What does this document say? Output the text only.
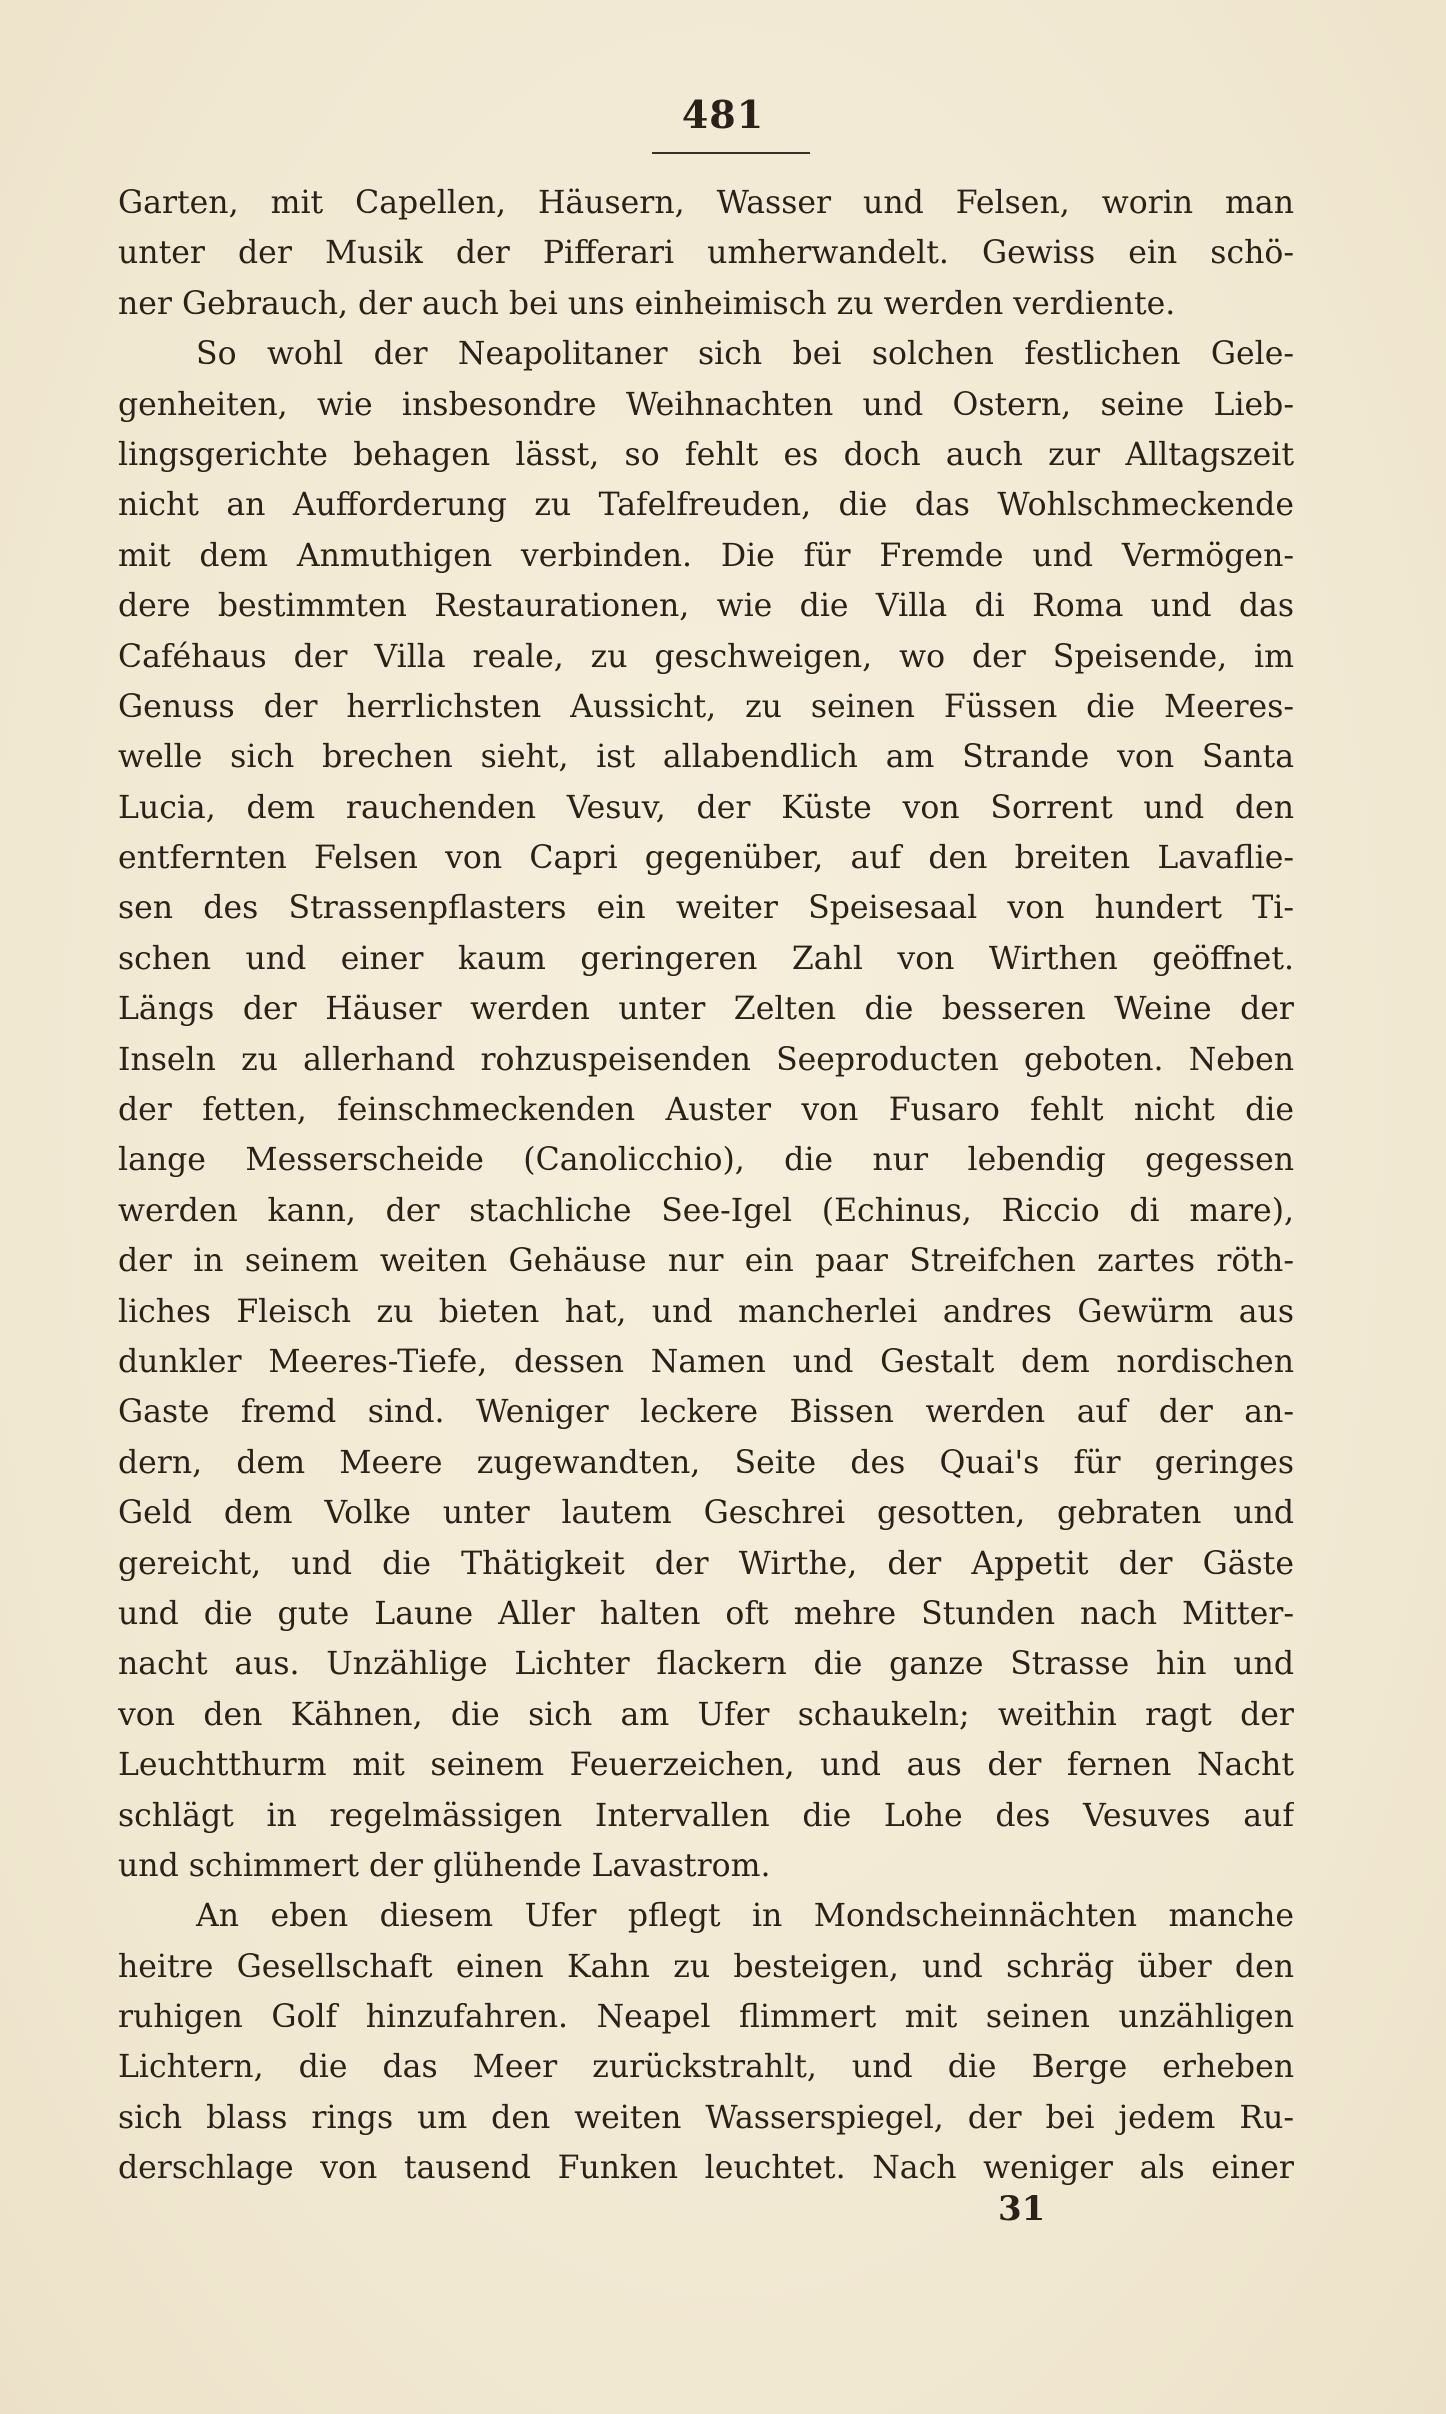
481
Garten, mit Capellen, Häusern, Wasser und Felsen, worin man
unter der Musik der Pifferari umherwandelt. Gewiss ein schö-
ner Gebrauch, der auch bei uns einheimisch zu werden verdiente.
So wohl der Neapolitaner sich bei solchen festlichen Gele-
genheiten, wie insbesondre Weihnachten und Ostern, seine Lieb-
lingsgerichte behagen lässt, so fehlt es doch auch zur Alltagszeit
nicht an Aufforderung zu Tafelfreuden, die das Wohlschmeckende
mit dem Anmuthigen verbinden. Die für Fremde und Vermögen-
dere bestimmten Restaurationen, wie die Villa di Roma und das
Caféhaus der Villa reale, zu geschweigen, wo der Speisende, im
Genuss der herrlichsten Aussicht, zu seinen Füssen die Meeres-
welle sich brechen sieht, ist allabendlich am Strande von Santa
Lucia, dem rauchenden Vesuv, der Küste von Sorrent und den
entfernten Felsen von Capri gegenüber, auf den breiten Lavaflie-
sen des Strassenpflasters ein weiter Speisesaal von hundert Ti-
schen und einer kaum geringeren Zahl von Wirthen geöffnet.
Längs der Häuser werden unter Zelten die besseren Weine der
Inseln zu allerhand rohzuspeisenden Seeproducten geboten. Neben
der fetten, feinschmeckenden Auster von Fusaro fehlt nicht die
lange Messerscheide (Canolicchio), die nur lebendig gegessen
werden kann, der stachliche See-Igel (Echinus, Riccio di mare),
der in seinem weiten Gehäuse nur ein paar Streifchen zartes röth-
liches Fleisch zu bieten hat, und mancherlei andres Gewürm aus
dunkler Meeres-Tiefe, dessen Namen und Gestalt dem nordischen
Gaste fremd sind. Weniger leckere Bissen werden auf der an-
dern, dem Meere zugewandten, Seite des Quai's für geringes
Geld dem Volke unter lautem Geschrei gesotten, gebraten und
gereicht, und die Thätigkeit der Wirthe, der Appetit der Gäste
und die gute Laune Aller halten oft mehre Stunden nach Mitter-
nacht aus. Unzählige Lichter flackern die ganze Strasse hin und
von den Kähnen, die sich am Ufer schaukeln; weithin ragt der
Leuchtthurm mit seinem Feuerzeichen, und aus der fernen Nacht
schlägt in regelmässigen Intervallen die Lohe des Vesuves auf
und schimmert der glühende Lavastrom.
An eben diesem Ufer pflegt in Mondscheinnächten manche
heitre Gesellschaft einen Kahn zu besteigen, und schräg über den
ruhigen Golf hinzufahren. Neapel flimmert mit seinen unzähligen
Lichtern, die das Meer zurückstrahlt, und die Berge erheben
sich blass rings um den weiten Wasserspiegel, der bei jedem Ru-
derschlage von tausend Funken leuchtet. Nach weniger als einer
31
